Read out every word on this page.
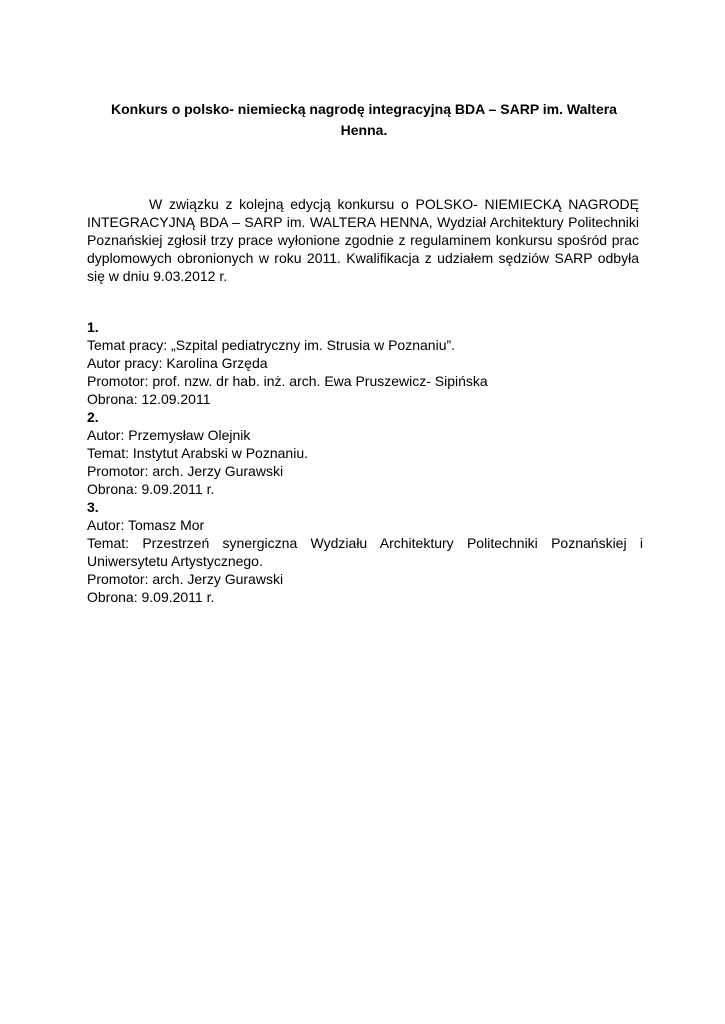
Konkurs o polsko- niemiecką nagrodę integracyjną BDA – SARP im. Waltera Henna.
W związku z kolejną edycją konkursu o POLSKO- NIEMIECKĄ NAGRODĘ INTEGRACYJNĄ BDA – SARP im. WALTERA HENNA, Wydział Architektury Politechniki Poznańskiej zgłosił trzy prace wyłonione zgodnie z regulaminem konkursu spośród prac dyplomowych obronionych w roku 2011. Kwalifikacja z udziałem sędziów SARP odbyła się w dniu 9.03.2012 r.
1.
Temat pracy: „Szpital pediatryczny im. Strusia w Poznaniu”.
Autor pracy: Karolina Grzęda
Promotor: prof. nzw. dr hab. inż. arch. Ewa Pruszewicz- Sipińska
Obrona: 12.09.2011
2.
Autor: Przemysław Olejnik
Temat: Instytut Arabski w Poznaniu.
Promotor: arch. Jerzy Gurawski
Obrona: 9.09.2011 r.
3.
Autor: Tomasz Mor
Temat: Przestrzeń synergiczna Wydziału Architektury Politechniki Poznańskiej i Uniwersytetu Artystycznego.
Promotor: arch. Jerzy Gurawski
Obrona: 9.09.2011 r.
